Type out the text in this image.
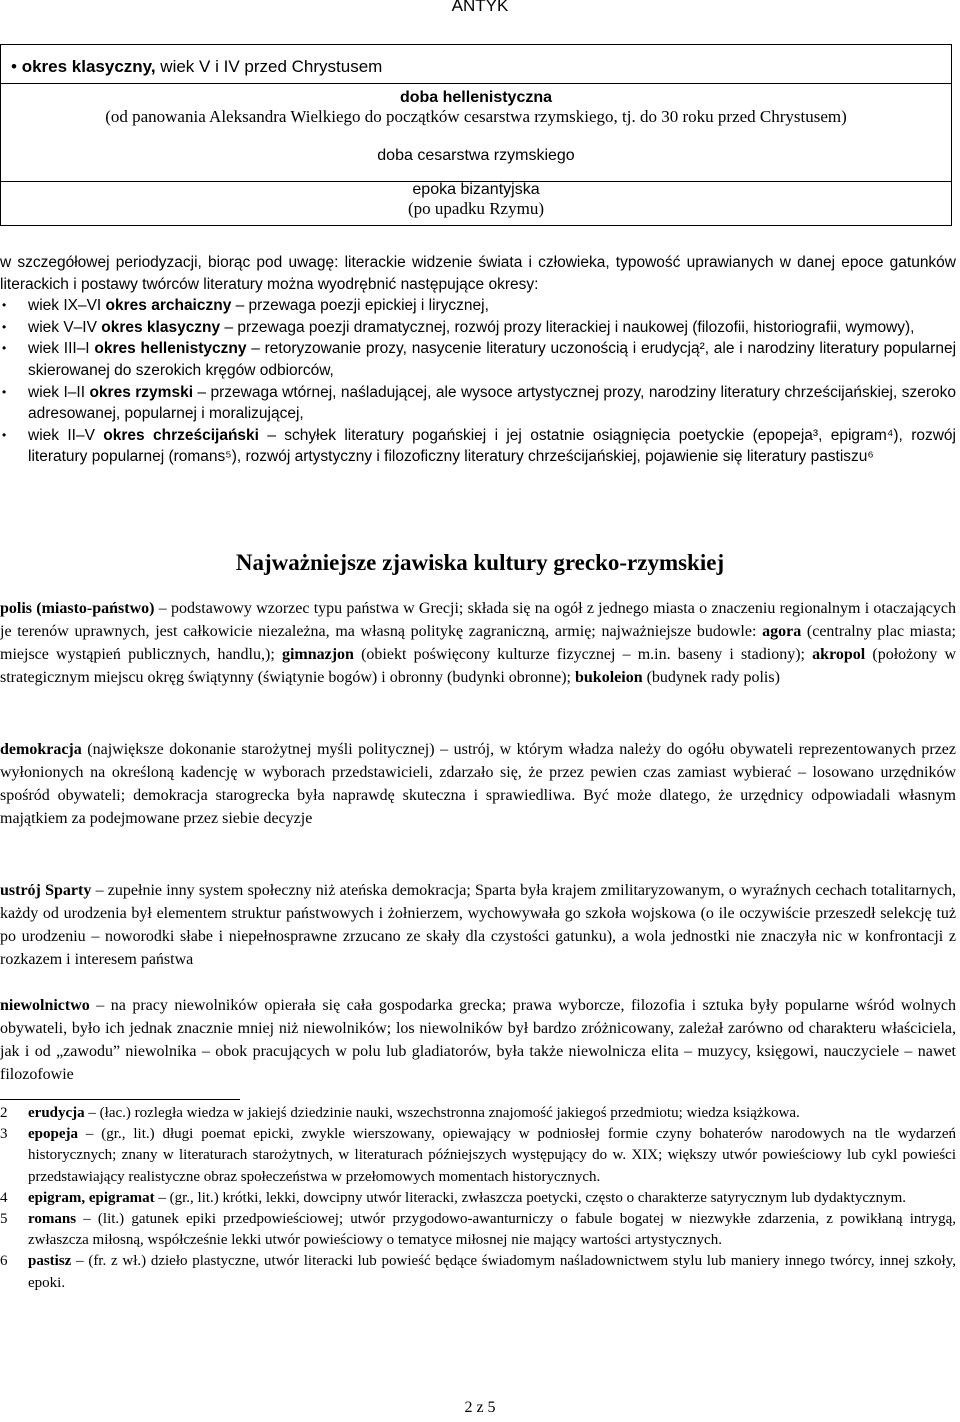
ANTYK
• okres klasyczny, wiek V i IV przed Chrystusem
doba hellenistyczna
(od panowania Aleksandra Wielkiego do początków cesarstwa rzymskiego, tj. do 30 roku przed Chrystusem)
doba cesarstwa rzymskiego
epoka bizantyjska
(po upadku Rzymu)
w szczegółowej periodyzacji, biorąc pod uwagę: literackie widzenie świata i człowieka, typowość uprawianych w danej epoce gatunków literackich i postawy twórców literatury można wyodrębnić następujące okresy:
• wiek IX–VI okres archaiczny – przewaga poezji epickiej i lirycznej,
• wiek V–IV okres klasyczny – przewaga poezji dramatycznej, rozwój prozy literackiej i naukowej (filozofii, historiografii, wymowy),
• wiek III–I okres hellenistyczny – retoryzowanie prozy, nasycenie literatury uczonością i erudycją², ale i narodziny literatury popularnej skierowanej do szerokich kręgów odbiorców,
• wiek I–II okres rzymski – przewaga wtórnej, naśladującej, ale wysoce artystycznej prozy, narodziny literatury chrześcijańskiej, szeroko adresowanej, popularnej i moralizującej,
• wiek II–V okres chrześcijański – schyłek literatury pogańskiej i jej ostatnie osiągnięcia poetyckie (epopeja³, epigram⁴), rozwój literatury popularnej (romans⁵), rozwój artystyczny i filozoficzny literatury chrześcijańskiej, pojawienie się literatury pastiszu⁶
Najważniejsze zjawiska kultury grecko-rzymskiej

polis (miasto-państwo) – podstawowy wzorzec typu państwa w Grecji; składa się na ogół z jednego miasta o znaczeniu regionalnym i otaczających je terenów uprawnych, jest całkowicie niezależna, ma własną politykę zagraniczną, armię; najważniejsze budowle: agora (centralny plac miasta; miejsce wystąpień publicznych, handlu,); gimnazjon (obiekt poświęcony kulturze fizycznej – m.in. baseny i stadiony); akropol (położony w strategicznym miejscu okręg świątynny (świątynie bogów) i obronny (budynki obronne); bukoleion (budynek rady polis)

demokracja (największe dokonanie starożytnej myśli politycznej) – ustrój, w którym władza należy do ogółu obywateli reprezentowanych przez wyłonionych na określoną kadencję w wyborach przedstawicieli, zdarzało się, że przez pewien czas zamiast wybierać – losowano urzędników spośród obywateli; demokracja starogrecka była naprawdę skuteczna i sprawiedliwa. Być może dlatego, że urzędnicy odpowiadali własnym majątkiem za podejmowane przez siebie decyzje

ustrój Sparty – zupełnie inny system społeczny niż ateńska demokracja; Sparta była krajem zmilitaryzowanym, o wyraźnych cechach totalitarnych, każdy od urodzenia był elementem struktur państwowych i żołnierzem, wychowywała go szkoła wojskowa (o ile oczywiście przeszedł selekcję tuż po urodzeniu – noworodki słabe i niepełnosprawne zrzucano ze skały dla czystości gatunku), a wola jednostki nie znaczyła nic w konfrontacji z rozkazem i interesem państwa

niewolnictwo – na pracy niewolników opierała się cała gospodarka grecka; prawa wyborcze, filozofia i sztuka były popularne wśród wolnych obywateli, było ich jednak znacznie mniej niż niewolników; los niewolników był bardzo zróżnicowany, zależał zarówno od charakteru właściciela, jak i od „zawodu” niewolnika – obok pracujących w polu lub gladiatorów, była także niewolnicza elita – muzycy, księgowi, nauczyciele – nawet filozofowie

2	erudycja – (łac.) rozległa wiedza w jakiejś dziedzinie nauki, wszechstronna znajomość jakiegoś przedmiotu; wiedza książkowa.
3	epopeja – (gr., lit.) długi poemat epicki, zwykle wierszowany, opiewający w podniosłej formie czyny bohaterów narodowych na tle wydarzeń historycznych; znany w literaturach starożytnych, w literaturach późniejszych występujący do w. XIX; większy utwór powieściowy lub cykl powieści przedstawiający realistyczne obraz społeczeństwa w przełomowych momentach historycznych.
4	epigram, epigramat – (gr., lit.) krótki, lekki, dowcipny utwór literacki, zwłaszcza poetycki, często o charakterze satyrycznym lub dydaktycznym.
5	romans – (lit.) gatunek epiki przedpowieściowej; utwór przygodowo-awanturniczy o fabule bogatej w niezwykłe zdarzenia, z powikłaną intrygą, zwłaszcza miłosną, współcześnie lekki utwór powieściowy o tematyce miłosnej nie mający wartości artystycznych.
6	pastisz – (fr. z wł.) dzieło plastyczne, utwór literacki lub powieść będące świadomym naśladownictwem stylu lub maniery innego twórcy, innej szkoły, epoki.
2 z 5
